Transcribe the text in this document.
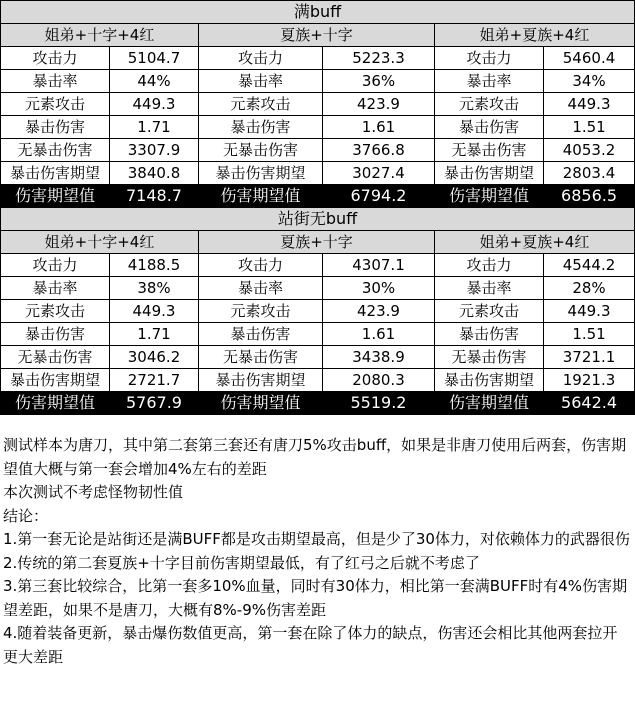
满buff					
姐弟+十字+4红		夏族+十字		姐弟+夏族+4红	
攻击力	5104.7	攻击力	5223.3	攻击力	5460.4
暴击率	44%	暴击率	36%	暴击率	34%
元素攻击	449.3	元素攻击	423.9	元素攻击	449.3
暴击伤害	1.71	暴击伤害	1.61	暴击伤害	1.51
无暴击伤害	3307.9	无暴击伤害	3766.8	无暴击伤害	4053.2
暴击伤害期望	3840.8	暴击伤害期望	3027.4	暴击伤害期望	2803.4
伤害期望值	7148.7	伤害期望值	6794.2	伤害期望值	6856.5
站街无buff					
姐弟+十字+4红		夏族+十字		姐弟+夏族+4红	
攻击力	4188.5	攻击力	4307.1	攻击力	4544.2
暴击率	38%	暴击率	30%	暴击率	28%
元素攻击	449.3	元素攻击	423.9	元素攻击	449.3
暴击伤害	1.71	暴击伤害	1.61	暴击伤害	1.51
无暴击伤害	3046.2	无暴击伤害	3438.9	无暴击伤害	3721.1
暴击伤害期望	2721.7	暴击伤害期望	2080.3	暴击伤害期望	1921.3
伤害期望值	5767.9	伤害期望值	5519.2	伤害期望值	5642.4
测试样本为唐刀，其中第二套第三套还有唐刀5%攻击buff，如果是非唐刀使用后两套，伤害期望值大概与第一套会增加4%左右的差距
本次测试不考虑怪物韧性值
结论：
1.第一套无论是站街还是满BUFF都是攻击期望最高，但是少了30体力，对依赖体力的武器很伤
2.传统的第二套夏族+十字目前伤害期望最低，有了红弓之后就不考虑了
3.第三套比较综合，比第一套多10%血量，同时有30体力，相比第一套满BUFF时有4%伤害期望差距，如果不是唐刀，大概有8%-9%伤害差距
4.随着装备更新，暴击爆伤数值更高，第一套在除了体力的缺点，伤害还会相比其他两套拉开更大差距
